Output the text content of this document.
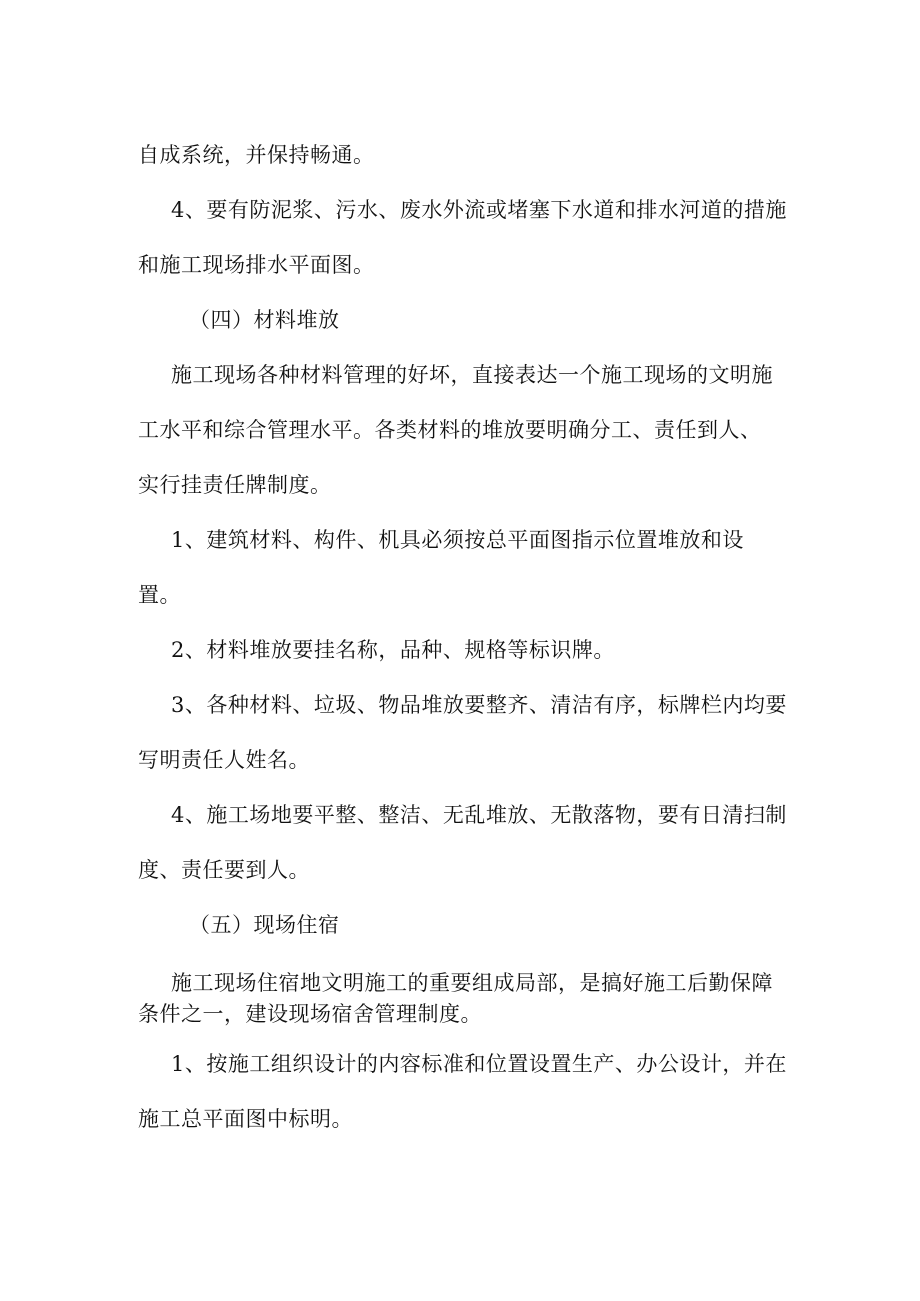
自成系统，并保持畅通。
4、要有防泥浆、污水、废水外流或堵塞下水道和排水河道的措施
和施工现场排水平面图。
（四）材料堆放
施工现场各种材料管理的好坏，直接表达一个施工现场的文明施
工水平和综合管理水平。各类材料的堆放要明确分工、责任到人、
实行挂责任牌制度。
1、建筑材料、构件、机具必须按总平面图指示位置堆放和设
置。
2、材料堆放要挂名称，品种、规格等标识牌。
3、各种材料、垃圾、物品堆放要整齐、清洁有序，标牌栏内均要
写明责任人姓名。
4、施工场地要平整、整洁、无乱堆放、无散落物，要有日清扫制
度、责任要到人。
（五）现场住宿
施工现场住宿地文明施工的重要组成局部，是搞好施工后勤保障
条件之一，建设现场宿舍管理制度。
1、按施工组织设计的内容标准和位置设置生产、办公设计，并在
施工总平面图中标明。
